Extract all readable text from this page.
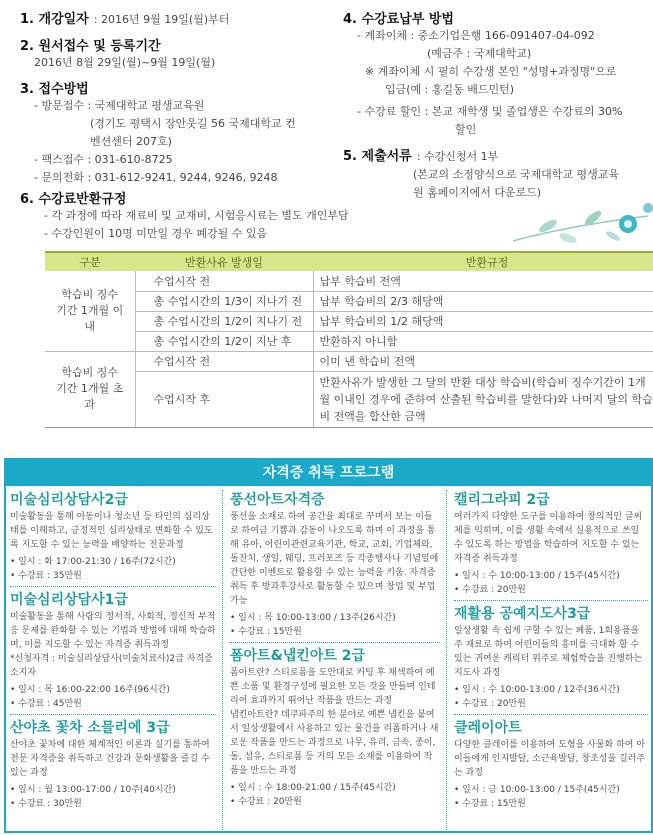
1. 개강일자 : 2016년 9월 19일(월)부터
2. 원서접수 및 등록기간
2016년 8월 29일(월)~9월 19일(월)
3. 접수방법
- 방문접수 : 국제대학교 평생교육원
(경기도 평택시 장안웃길 56 국제대학교 컨
벤션센터 207호)
- 팩스접수 : 031-610-8725
- 문의전화 : 031-612-9241, 9244, 9246, 9248
4. 수강료납부 방법
- 계좌이체 : 중소기업은행 166-091407-04-092
(예금주 : 국제대학교)
※ 계좌이체 시 필히 수강생 본인 "성명+과정명"으로
입금(예 : 홍길동 배드민턴)
- 수강료 할인 : 본교 재학생 및 졸업생은 수강료의 30%
할인
5. 제출서류 : 수강신청서 1부
(본교의 소정양식으로 국제대학교 평생교육
원 홈페이지에서 다운로드)
6. 수강료반환규정
- 각 과정에 따라 재료비 및 교재비, 시험응시료는 별도 개인부담
- 수강인원이 10명 미만일 경우 폐강될 수 있음
구분	반환사유 발생일	반환규정
학습비 징수
기간 1개월 이내	수업시작 전	납부 학습비 전액
	총 수업시간의 1/3이 지나기 전	납부 학습비의 2/3 해당액
	총 수업시간의 1/2이 지나기 전	납부 학습비의 1/2 해당액
	총 수업시간의 1/2이 지난 후	반환하지 아니함
학습비 징수
기간 1개월 초과	수업시작 전	이미 낸 학습비 전액
	수업시작 후	반환사유가 발생한 그 달의 반환 대상 학습비(학습비 징수기간이 1개월 이내인 경우에 준하여 산출된 학습비를 말한다)와 나머지 달의 학습비 전액을 합산한 금액
자격증 취득 프로그램
미술심리상담사2급
미술활동을 통해 아동이나 청소년 등 타인의 심리상태를 이해하고, 긍정적인 심리상태로 변화할 수 있도록 지도할 수 있는 능력을 배양하는 전문과정
• 일시 : 화 17:00-21:30 / 16주(72시간)
• 수강료 : 35만원
미술심리상담사1급
미술활동을 통해 사람의 정서적, 사회적, 정신적 부적응 문제를 완화할 수 있는 기법과 방법에 대해 학습하며, 이를 지도할 수 있는 자격증 취득과정
*신청자격 : 미술심리상담사(미술치료사)2급 자격증 소지자
• 일시 : 목 16:00-22:00 16주(96시간)
• 수강료 : 45만원
산야초 꽃차 소믈리에 3급
산야초 꽃차에 대한 체계적인 이론과 실기를 통하여 전문 자격증을 취득하고 건강과 문화생활을 즐길 수 있는 과정
• 일시 : 월 13:00-17:00 / 10주(40시간)
• 수강료 : 30만원
풍선아트자격증
풍선을 소재로 하여 공간을 최대로 꾸며서 보는 이들로 하여금 기쁨과 감동이 나오도록 하며 이 과정을 통해 유아, 어린이관련교육기관, 학교, 교회, 기업체와, 돌잔치, 생일, 웨딩, 프러포즈 등 각종행사나 기념일에 간단한 이벤트로 활용할 수 있는 능력을 키움. 자격증 취득 후 방과후강사로 활동할 수 있으며 창업 및 부업 가능
• 일시 : 목 10:00-13:00 / 13주(26시간)
• 수강료 : 15만원
폼아트&냅킨아트 2급
폼아트란? 스티로폼을 도안대로 커팅 후 채색하여 예쁜 소품 및 환경구성에 필요한 모든 것을 만들며 인테리어 효과까지 뛰어난 작품을 만드는 과정
냅킨아트란? 데쿠파주의 한 분야로 예쁜 냅킨을 붙여서 일상생활에서 사용하고 있는 물건을 리폼하거나 새로운 작품을 만드는 과정으로 나무, 유리, 금속, 종이, 돌, 섬유, 스티로폼 등 거의 모든 소재를 이용하여 작품을 만드는 과정
• 일시 : 수 18:00-21:00 / 15주(45시간)
• 수강료 : 20만원
캘리그라피 2급
여러가지 다양한 도구를 이용하여 창의적인 글씨체를 익히며, 이를 생활 속에서 실용적으로 쓰일 수 있도록 하는 방법을 학습하여 지도할 수 있는 자격증 취득과정
• 일시 : 수 10:00-13:00 / 15주(45시간)
• 수강료 : 20만원
재활용 공예지도사3급
일상생활 속 쉽게 구할 수 있는 폐품, 1회용품을 주 재료로 하여 어린이들의 흥미를 극대화 할 수 있는 귀여운 캐릭터 위주로 체험학습을 진행하는 지도사 과정
• 일시 : 수 10:00-13:00 / 12주(36시간)
• 수강료 : 20만원
클레이아트
다양한 클레이를 이용하여 도형을 사물화 하여 아이들에게 인지발달, 소근육발달, 창조성을 길러주는 과정
• 일시 : 금 10:00-13:00 / 15주(45시간)
• 수강료 : 15만원
